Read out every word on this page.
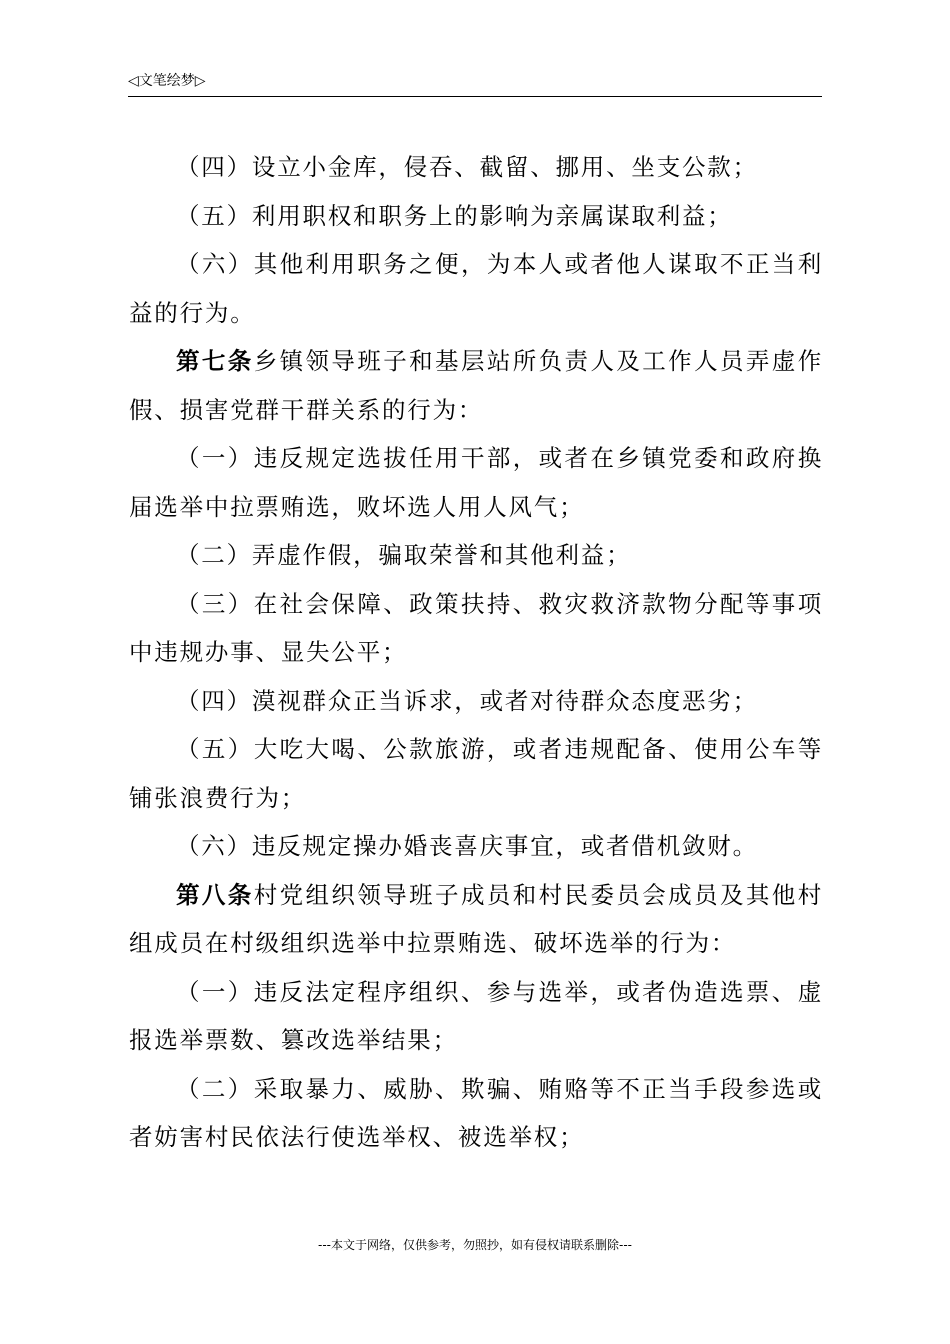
◁文笔绘梦▷

（四）设立小金库，侵吞、截留、挪用、坐支公款；

（五）利用职权和职务上的影响为亲属谋取利益；

（六）其他利用职务之便，为本人或者他人谋取不正当利益的行为。

第七条乡镇领导班子和基层站所负责人及工作人员弄虚作假、损害党群干群关系的行为：

（一）违反规定选拔任用干部，或者在乡镇党委和政府换届选举中拉票贿选，败坏选人用人风气；

（二）弄虚作假，骗取荣誉和其他利益；

（三）在社会保障、政策扶持、救灾救济款物分配等事项中违规办事、显失公平；

（四）漠视群众正当诉求，或者对待群众态度恶劣；

（五）大吃大喝、公款旅游，或者违规配备、使用公车等铺张浪费行为；

（六）违反规定操办婚丧喜庆事宜，或者借机敛财。

第八条村党组织领导班子成员和村民委员会成员及其他村组成员在村级组织选举中拉票贿选、破坏选举的行为：

（一）违反法定程序组织、参与选举，或者伪造选票、虚报选举票数、篡改选举结果；

（二）采取暴力、威胁、欺骗、贿赂等不正当手段参选或者妨害村民依法行使选举权、被选举权；

---本文于网络，仅供参考，勿照抄，如有侵权请联系删除---
